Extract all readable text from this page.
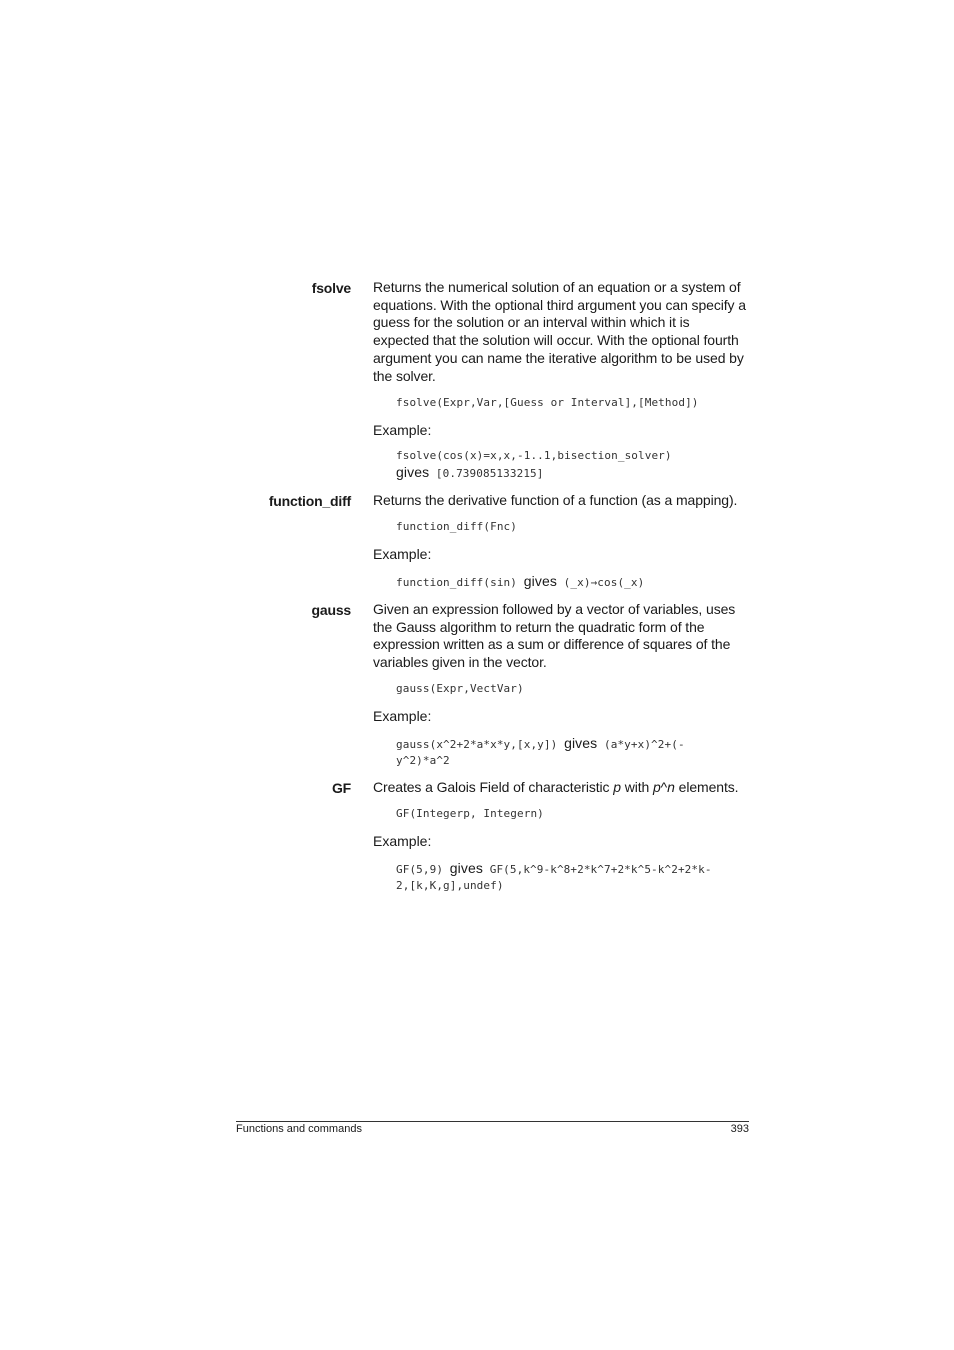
fsolve Returns the numerical solution of an equation or a system of equations. With the optional third argument you can specify a guess for the solution or an interval within which it is expected that the solution will occur. With the optional fourth argument you can name the iterative algorithm to be used by the solver.

fsolve(Expr,Var,[Guess or Interval],[Method])

Example:

fsolve(cos(x)=x,x,-1..1,bisection_solver)

gives [0.739085133215]

function_diff Returns the derivative function of a function (as a mapping).

function_diff(Fnc)

Example:

function_diff(sin) gives (_x)→cos(_x)

gauss Given an expression followed by a vector of variables, uses the Gauss algorithm to return the quadratic form of the expression written as a sum or difference of squares of the variables given in the vector.

gauss(Expr,VectVar)

Example:

gauss(x^2+2*a*x*y,[x,y]) gives (a*y+x)^2+(-

y^2)*a^2

GF Creates a Galois Field of characteristic p with p^n elements.

GF(Integerp, Integern)

Example:

GF(5,9) gives GF(5,k^9-k^8+2*k^7+2*k^5-k^2+2*k-

2,[k,K,g],undef)

Functions and commands	393
